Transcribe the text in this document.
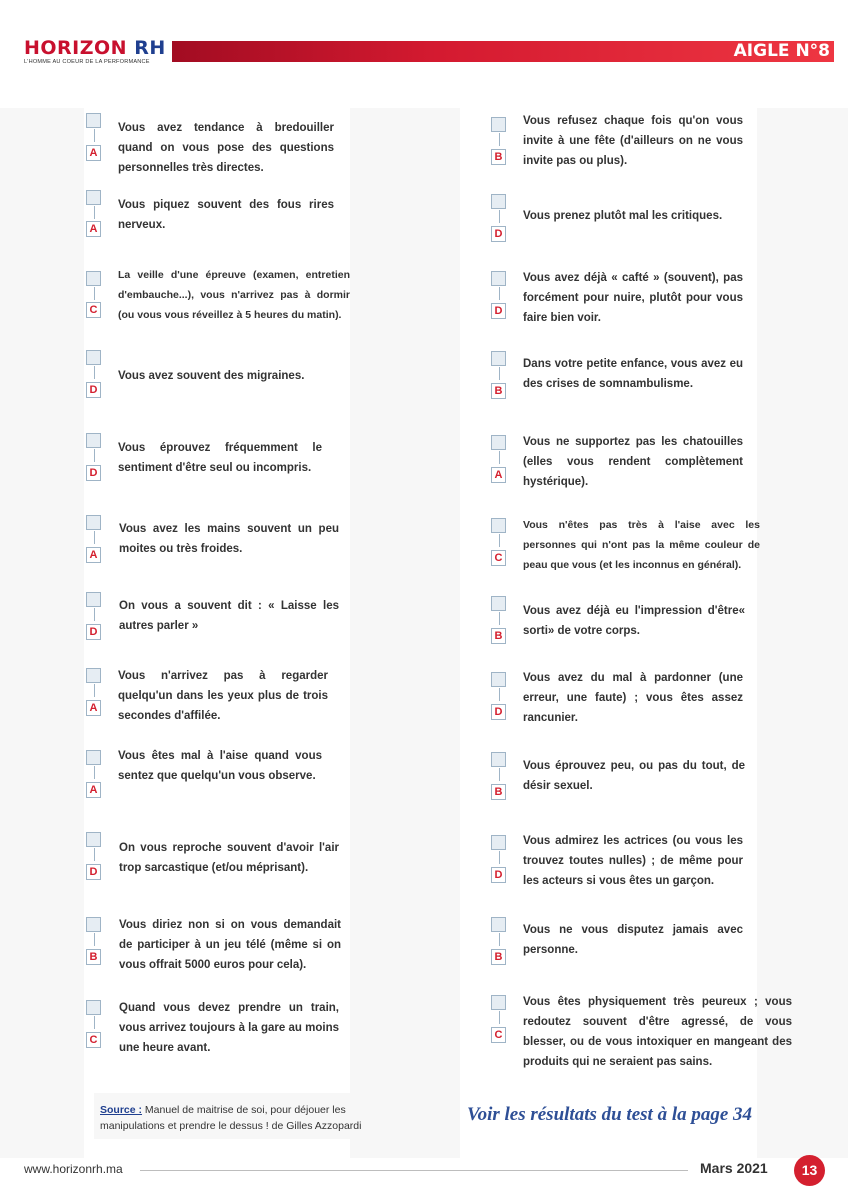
HORIZON RH
L'HOMME AU COEUR DE LA PERFORMANCE
AIGLE N°8
A
Vous avez tendance à bredouiller quand on vous pose des questions personnelles très directes.
A
Vous piquez souvent des fous rires nerveux.
C
La veille d'une épreuve (examen, entretien d'embauche...), vous n'arrivez pas à dormir (ou vous vous réveillez à 5 heures du matin).
D
Vous avez souvent des migraines.
D
Vous éprouvez fréquemment le sentiment d'être seul ou incompris.
A
Vous avez les mains souvent un peu moites ou très froides.
D
On vous a souvent dit : « Laisse les autres parler »
A
Vous n'arrivez pas à regarder quelqu'un dans les yeux plus de trois secondes d'affilée.
A
Vous êtes mal à l'aise quand vous sentez que quelqu'un vous observe.
D
On vous reproche souvent d'avoir l'air trop sarcastique (et/ou méprisant).
B
Vous diriez non si on vous demandait de participer à un jeu télé (même si on vous offrait 5000 euros pour cela).
C
Quand vous devez prendre un train, vous arrivez toujours à la gare au moins une heure avant.
B
Vous refusez chaque fois qu'on vous invite à une fête (d'ailleurs on ne vous invite pas ou plus).
D
Vous prenez plutôt mal les critiques.
D
Vous avez déjà « cafté » (souvent), pas forcément pour nuire, plutôt pour vous faire bien voir.
B
Dans votre petite enfance, vous avez eu des crises de somnambulisme.
A
Vous ne supportez pas les chatouilles (elles vous rendent complètement hystérique).
C
Vous n'êtes pas très à l'aise avec les personnes qui n'ont pas la même couleur de peau que vous (et les inconnus en général).
B
Vous avez déjà eu l'impression d'être« sorti» de votre corps.
D
Vous avez du mal à pardonner (une erreur, une faute) ; vous êtes assez rancunier.
B
Vous éprouvez peu, ou pas du tout, de désir sexuel.
D
Vous admirez les actrices (ou vous les trouvez toutes nulles) ; de même pour les acteurs si vous êtes un garçon.
B
Vous ne vous disputez jamais avec personne.
C
Vous êtes physiquement très peureux ; vous redoutez souvent d'être agressé, de vous blesser, ou de vous intoxiquer en mangeant des produits qui ne seraient pas sains.
Source : Manuel de maitrise de soi, pour déjouer les manipulations et prendre le dessus ! de Gilles Azzopardi
Voir les résultats du test à la page 34
www.horizonrh.ma	Mars 2021	13
